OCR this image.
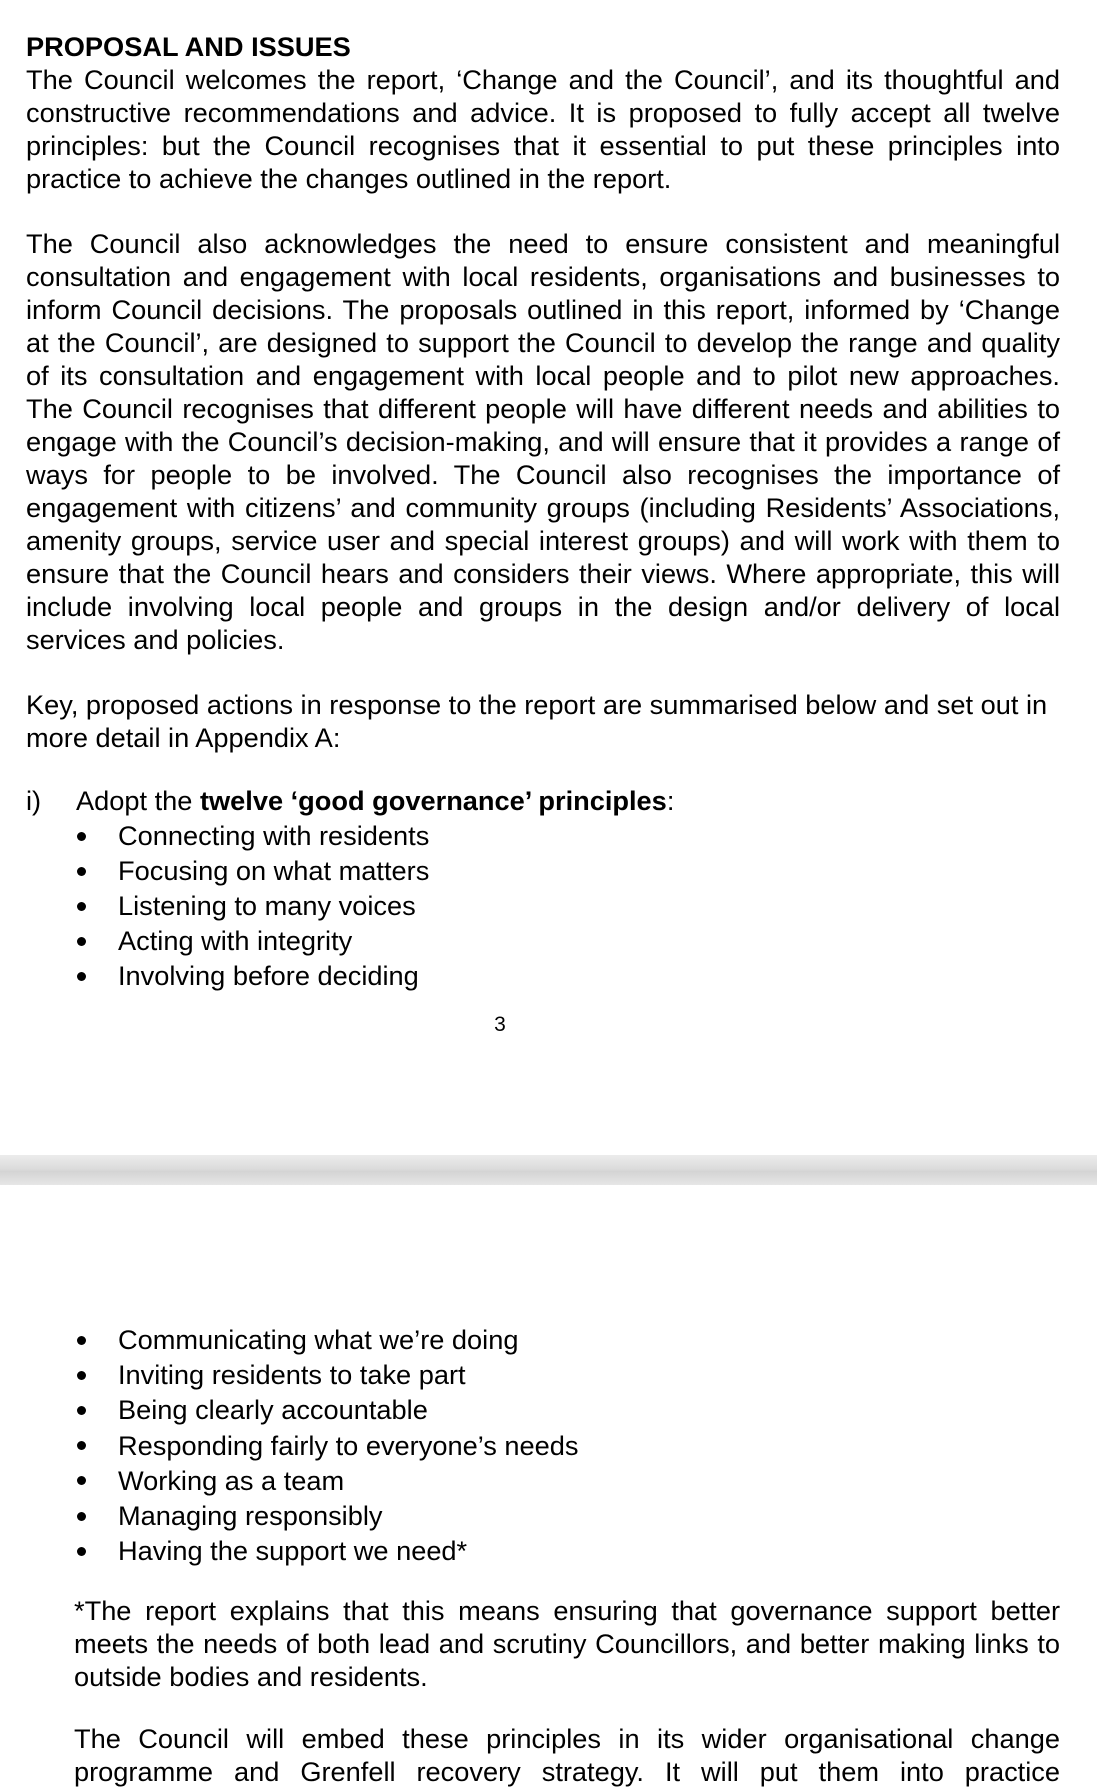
PROPOSAL AND ISSUES
The Council welcomes the report, ‘Change and the Council’, and its thoughtful and constructive recommendations and advice. It is proposed to fully accept all twelve principles: but the Council recognises that it essential to put these principles into practice to achieve the changes outlined in the report.
The Council also acknowledges the need to ensure consistent and meaningful consultation and engagement with local residents, organisations and businesses to inform Council decisions. The proposals outlined in this report, informed by ‘Change at the Council’, are designed to support the Council to develop the range and quality of its consultation and engagement with local people and to pilot new approaches. The Council recognises that different people will have different needs and abilities to engage with the Council’s decision-making, and will ensure that it provides a range of ways for people to be involved. The Council also recognises the importance of engagement with citizens’ and community groups (including Residents’ Associations, amenity groups, service user and special interest groups) and will work with them to ensure that the Council hears and considers their views. Where appropriate, this will include involving local people and groups in the design and/or delivery of local services and policies.
Key, proposed actions in response to the report are summarised below and set out in more detail in Appendix A:
i) Adopt the twelve ‘good governance’ principles:
Connecting with residents
Focusing on what matters
Listening to many voices
Acting with integrity
Involving before deciding
3
Communicating what we’re doing
Inviting residents to take part
Being clearly accountable
Responding fairly to everyone’s needs
Working as a team
Managing responsibly
Having the support we need*
*The report explains that this means ensuring that governance support better meets the needs of both lead and scrutiny Councillors, and better making links to outside bodies and residents.
The Council will embed these principles in its wider organisational change
programme and Grenfell recovery strategy. It will put them into practice
